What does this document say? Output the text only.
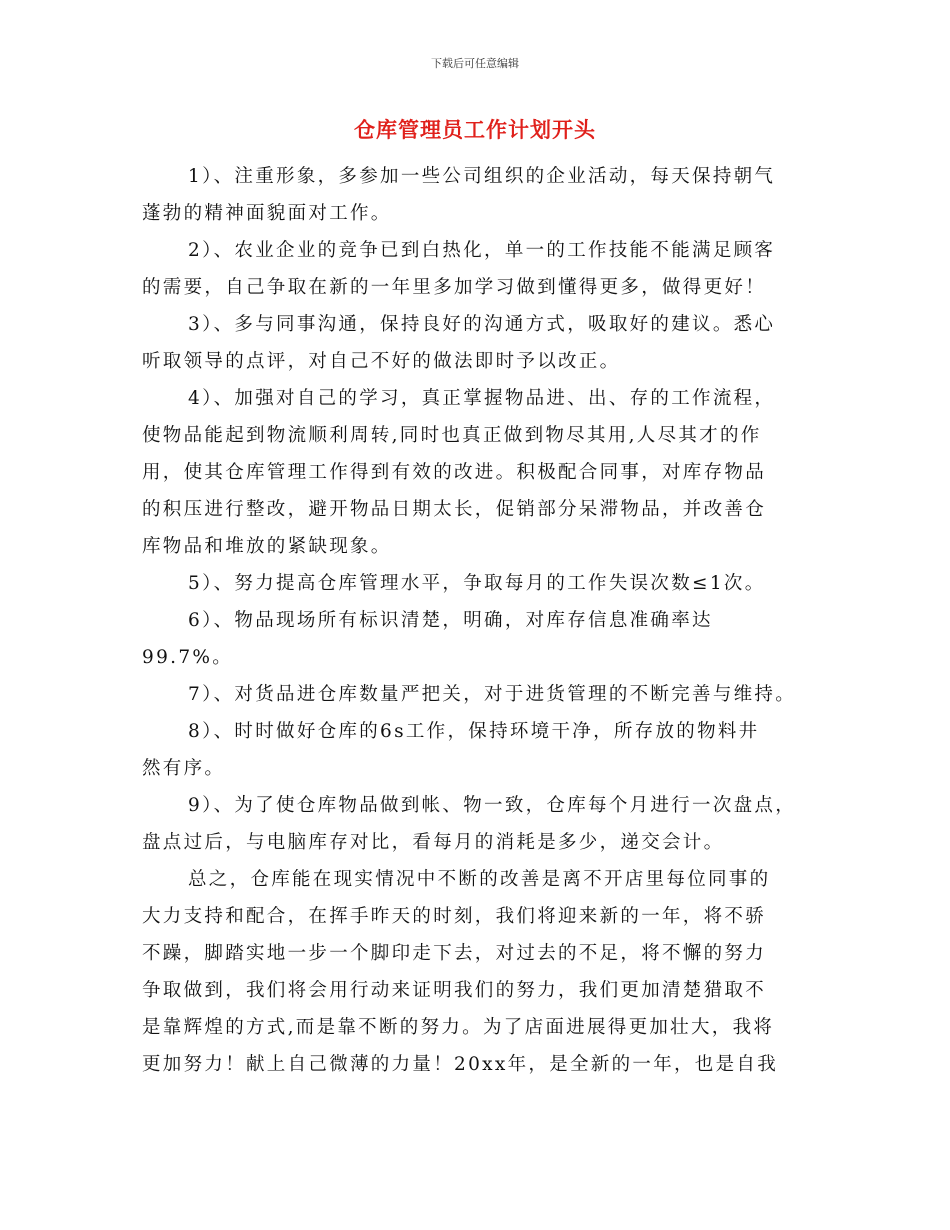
下载后可任意编辑
仓库管理员工作计划开头
1）、注重形象，多参加一些公司组织的企业活动，每天保持朝气
蓬勃的精神面貌面对工作。
2）、农业企业的竞争已到白热化，单一的工作技能不能满足顾客
的需要，自己争取在新的一年里多加学习做到懂得更多，做得更好！
3）、多与同事沟通，保持良好的沟通方式，吸取好的建议。悉心
听取领导的点评，对自己不好的做法即时予以改正。
4）、加强对自己的学习，真正掌握物品进、出、存的工作流程，
使物品能起到物流顺利周转,同时也真正做到物尽其用,人尽其才的作
用，使其仓库管理工作得到有效的改进。积极配合同事，对库存物品
的积压进行整改，避开物品日期太长，促销部分呆滞物品，并改善仓
库物品和堆放的紧缺现象。
5）、努力提高仓库管理水平，争取每月的工作失误次数≤1次。
6）、物品现场所有标识清楚，明确，对库存信息准确率达
99.7%。
7）、对货品进仓库数量严把关，对于进货管理的不断完善与维持。
8）、时时做好仓库的6s工作，保持环境干净，所存放的物料井
然有序。
9）、为了使仓库物品做到帐、物一致，仓库每个月进行一次盘点，
盘点过后，与电脑库存对比，看每月的消耗是多少，递交会计。
总之，仓库能在现实情况中不断的改善是离不开店里每位同事的
大力支持和配合，在挥手昨天的时刻，我们将迎来新的一年，将不骄
不躁，脚踏实地一步一个脚印走下去，对过去的不足，将不懈的努力
争取做到，我们将会用行动来证明我们的努力，我们更加清楚猎取不
是靠辉煌的方式,而是靠不断的努力。为了店面进展得更加壮大，我将
更加努力！献上自己微薄的力量！20xx年，是全新的一年，也是自我
